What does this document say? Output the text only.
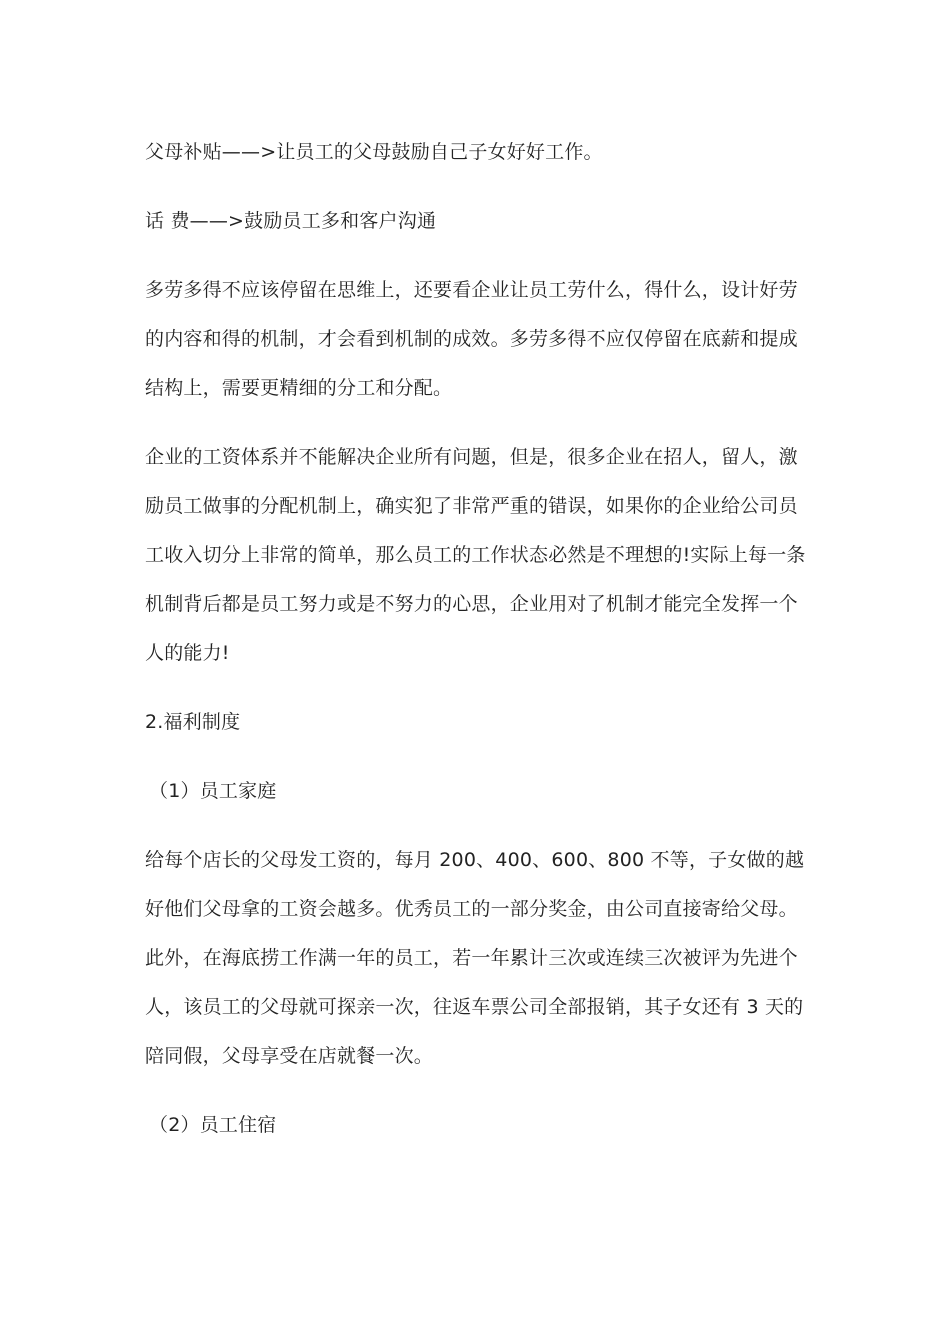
父母补贴——>让员工的父母鼓励自己子女好好工作。

话 费——>鼓励员工多和客户沟通

多劳多得不应该停留在思维上，还要看企业让员工劳什么，得什么，设计好劳的内容和得的机制，才会看到机制的成效。多劳多得不应仅停留在底薪和提成结构上，需要更精细的分工和分配。

企业的工资体系并不能解决企业所有问题，但是，很多企业在招人，留人，激励员工做事的分配机制上，确实犯了非常严重的错误，如果你的企业给公司员工收入切分上非常的简单，那么员工的工作状态必然是不理想的!实际上每一条机制背后都是员工努力或是不努力的心思，企业用对了机制才能完全发挥一个人的能力!

2.福利制度

（1）员工家庭

给每个店长的父母发工资的，每月 200、400、600、800 不等，子女做的越好他们父母拿的工资会越多。优秀员工的一部分奖金，由公司直接寄给父母。此外，在海底捞工作满一年的员工，若一年累计三次或连续三次被评为先进个人，该员工的父母就可探亲一次，往返车票公司全部报销，其子女还有 3 天的陪同假，父母享受在店就餐一次。

（2）员工住宿
